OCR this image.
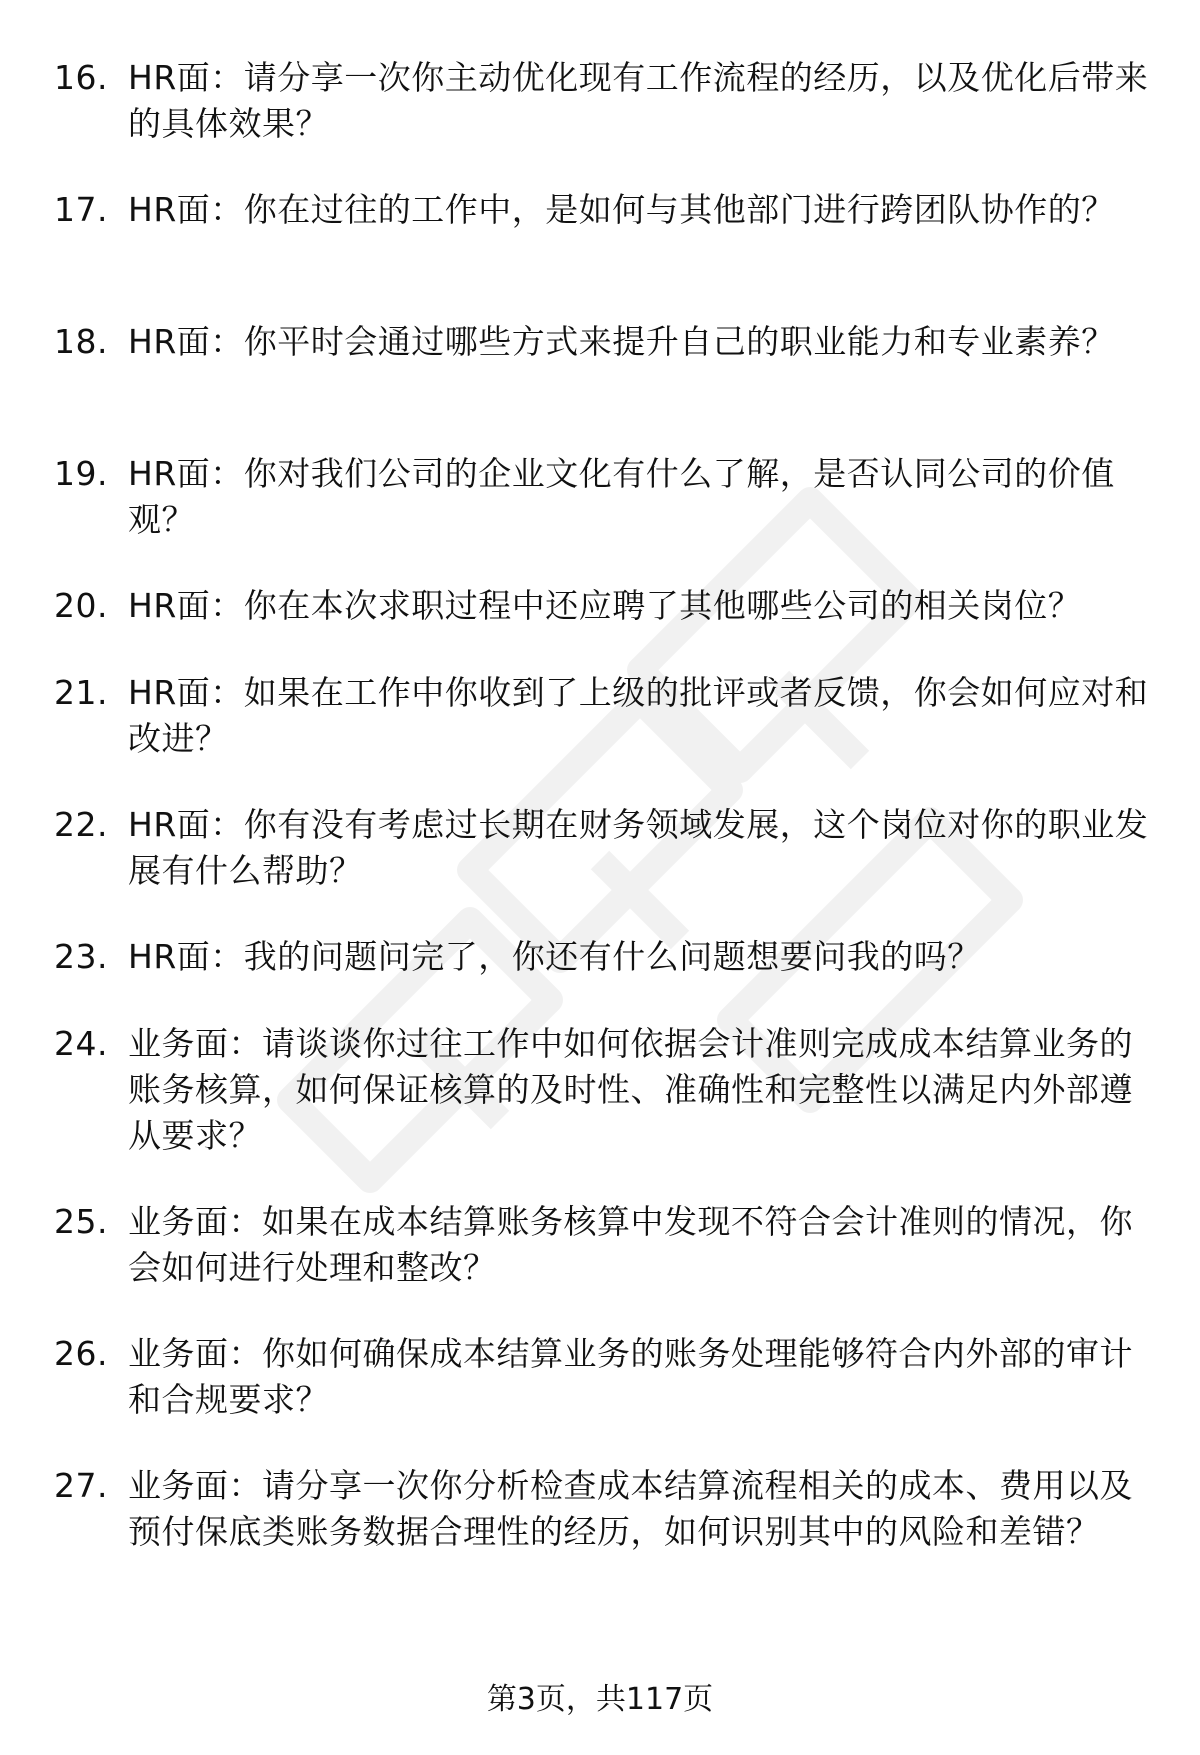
16. HR面：请分享一次你主动优化现有工作流程的经历，以及优化后带来的具体效果？
17. HR面：你在过往的工作中，是如何与其他部门进行跨团队协作的？
18. HR面：你平时会通过哪些方式来提升自己的职业能力和专业素养？
19. HR面：你对我们公司的企业文化有什么了解，是否认同公司的价值观？
20. HR面：你在本次求职过程中还应聘了其他哪些公司的相关岗位？
21. HR面：如果在工作中你收到了上级的批评或者反馈，你会如何应对和改进？
22. HR面：你有没有考虑过长期在财务领域发展，这个岗位对你的职业发展有什么帮助？
23. HR面：我的问题问完了，你还有什么问题想要问我的吗？
24. 业务面：请谈谈你过往工作中如何依据会计准则完成成本结算业务的账务核算，如何保证核算的及时性、准确性和完整性以满足内外部遵从要求？
25. 业务面：如果在成本结算账务核算中发现不符合会计准则的情况，你会如何进行处理和整改？
26. 业务面：你如何确保成本结算业务的账务处理能够符合内外部的审计和合规要求？
27. 业务面：请分享一次你分析检查成本结算流程相关的成本、费用以及预付保底类账务数据合理性的经历，如何识别其中的风险和差错？
第3页，共117页
